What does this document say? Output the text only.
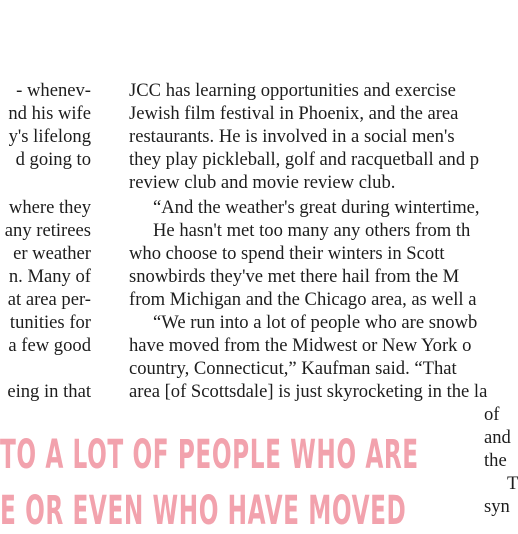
- whenev-
nd his wife
y's lifelong
d going to
where they
any retirees
er weather
n. Many of
at area per-
tunities for
a few good
eing in that
JCC has learning opportunities and exercise
Jewish film festival in Phoenix, and the area
restaurants. He is involved in a social men's
they play pickleball, golf and racquetball and p
review club and movie review club.
“And the weather's great during wintertime,
He hasn't met too many any others from th
who choose to spend their winters in Scott
snowbirds they've met there hail from the M
from Michigan and the Chicago area, as well a
“We run into a lot of people who are snowb
have moved from the Midwest or New York o
country, Connecticut,” Kaufman said. “That
area [of Scottsdale] is just skyrocketing in the la
of
and
the
T
syn
TO A LOT OF PEOPLE WHO ARE
E OR EVEN WHO HAVE MOVED
